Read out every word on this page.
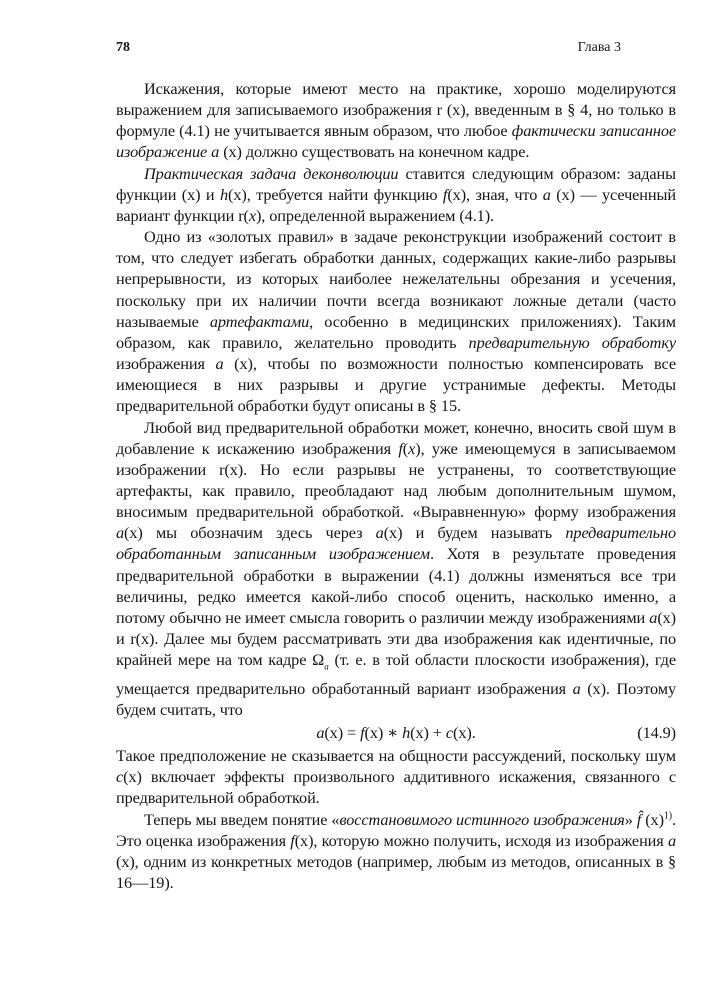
78	Глава 3

Искажения, которые имеют место на практике, хорошо моделируются выражением для записываемого изображения r (x), введенным в § 4, но только в формуле (4.1) не учитывается явным образом, что любое фактически записанное изображение a (x) должно существовать на конечном кадре.

Практическая задача деконволюции ставится следующим образом: заданы функции (x) и h(x), требуется найти функцию f(x), зная, что a (x) — усеченный вариант функции r(x), определенной выражением (4.1).

Одно из «золотых правил» в задаче реконструкции изображений состоит в том, что следует избегать обработки данных, содержащих какие-либо разрывы непрерывности, из которых наиболее нежелательны обрезания и усечения, поскольку при их наличии почти всегда возникают ложные детали (часто называемые артефактами, особенно в медицинских приложениях). Таким образом, как правило, желательно проводить предварительную обработку изображения a (x), чтобы по возможности полностью компенсировать все имеющиеся в них разрывы и другие устранимые дефекты. Методы предварительной обработки будут описаны в § 15.

Любой вид предварительной обработки может, конечно, вносить свой шум в добавление к искажению изображения f(x), уже имеющемуся в записываемом изображении r(x). Но если разрывы не устранены, то соответствующие артефакты, как правило, преобладают над любым дополнительным шумом, вносимым предварительной обработкой. «Выравненную» форму изображения a(x) мы обозначим здесь через a(x) и будем называть предварительно обработанным записанным изображением. Хотя в результате проведения предварительной обработки в выражении (4.1) должны изменяться все три величины, редко имеется какой-либо способ оценить, насколько именно, а потому обычно не имеет смысла говорить о различии между изображениями a(x) и r(x). Далее мы будем рассматривать эти два изображения как идентичные, по крайней мере на том кадре $\Omega_a$ (т. е. в той области плоскости изображения), где умещается предварительно обработанный вариант изображения a (x). Поэтому будем считать, что

a(x) = f(x) ∗ h(x) + c(x).	(14.9)

Такое предположение не сказывается на общности рассуждений, поскольку шум c(x) включает эффекты произвольного аддитивного искажения, связанного с предварительной обработкой.

Теперь мы введем понятие «восстановимого истинного изображения» f̂ $(x)^{1)}$. Это оценка изображения f(x), которую можно получить, исходя из изображения a (x), одним из конкретных методов (например, любым из методов, описанных в § 16—19).
